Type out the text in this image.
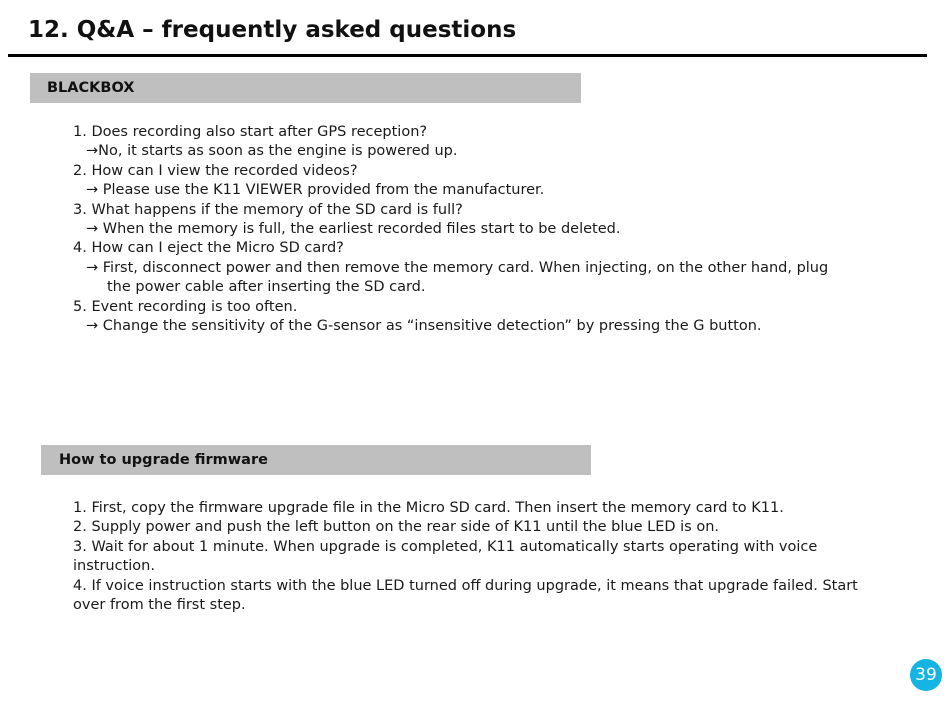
12. Q&A – frequently asked questions
BLACKBOX
1. Does recording also start after GPS reception?
→No, it starts as soon as the engine is powered up.
2. How can I view the recorded videos?
→ Please use the K11 VIEWER provided from the manufacturer.
3. What happens if the memory of the SD card is full?
→ When the memory is full, the earliest recorded files start to be deleted.
4. How can I eject the Micro SD card?
→ First, disconnect power and then remove the memory card. When injecting, on the other hand, plug
the power cable after inserting the SD card.
5. Event recording is too often.
→ Change the sensitivity of the G-sensor as “insensitive detection” by pressing the G button.
How to upgrade firmware
1. First, copy the firmware upgrade file in the Micro SD card. Then insert the memory card to K11.
2. Supply power and push the left button on the rear side of K11 until the blue LED is on.
3. Wait for about 1 minute. When upgrade is completed, K11 automatically starts operating with voice
instruction.
4. If voice instruction starts with the blue LED turned off during upgrade, it means that upgrade failed. Start
over from the first step.
39
